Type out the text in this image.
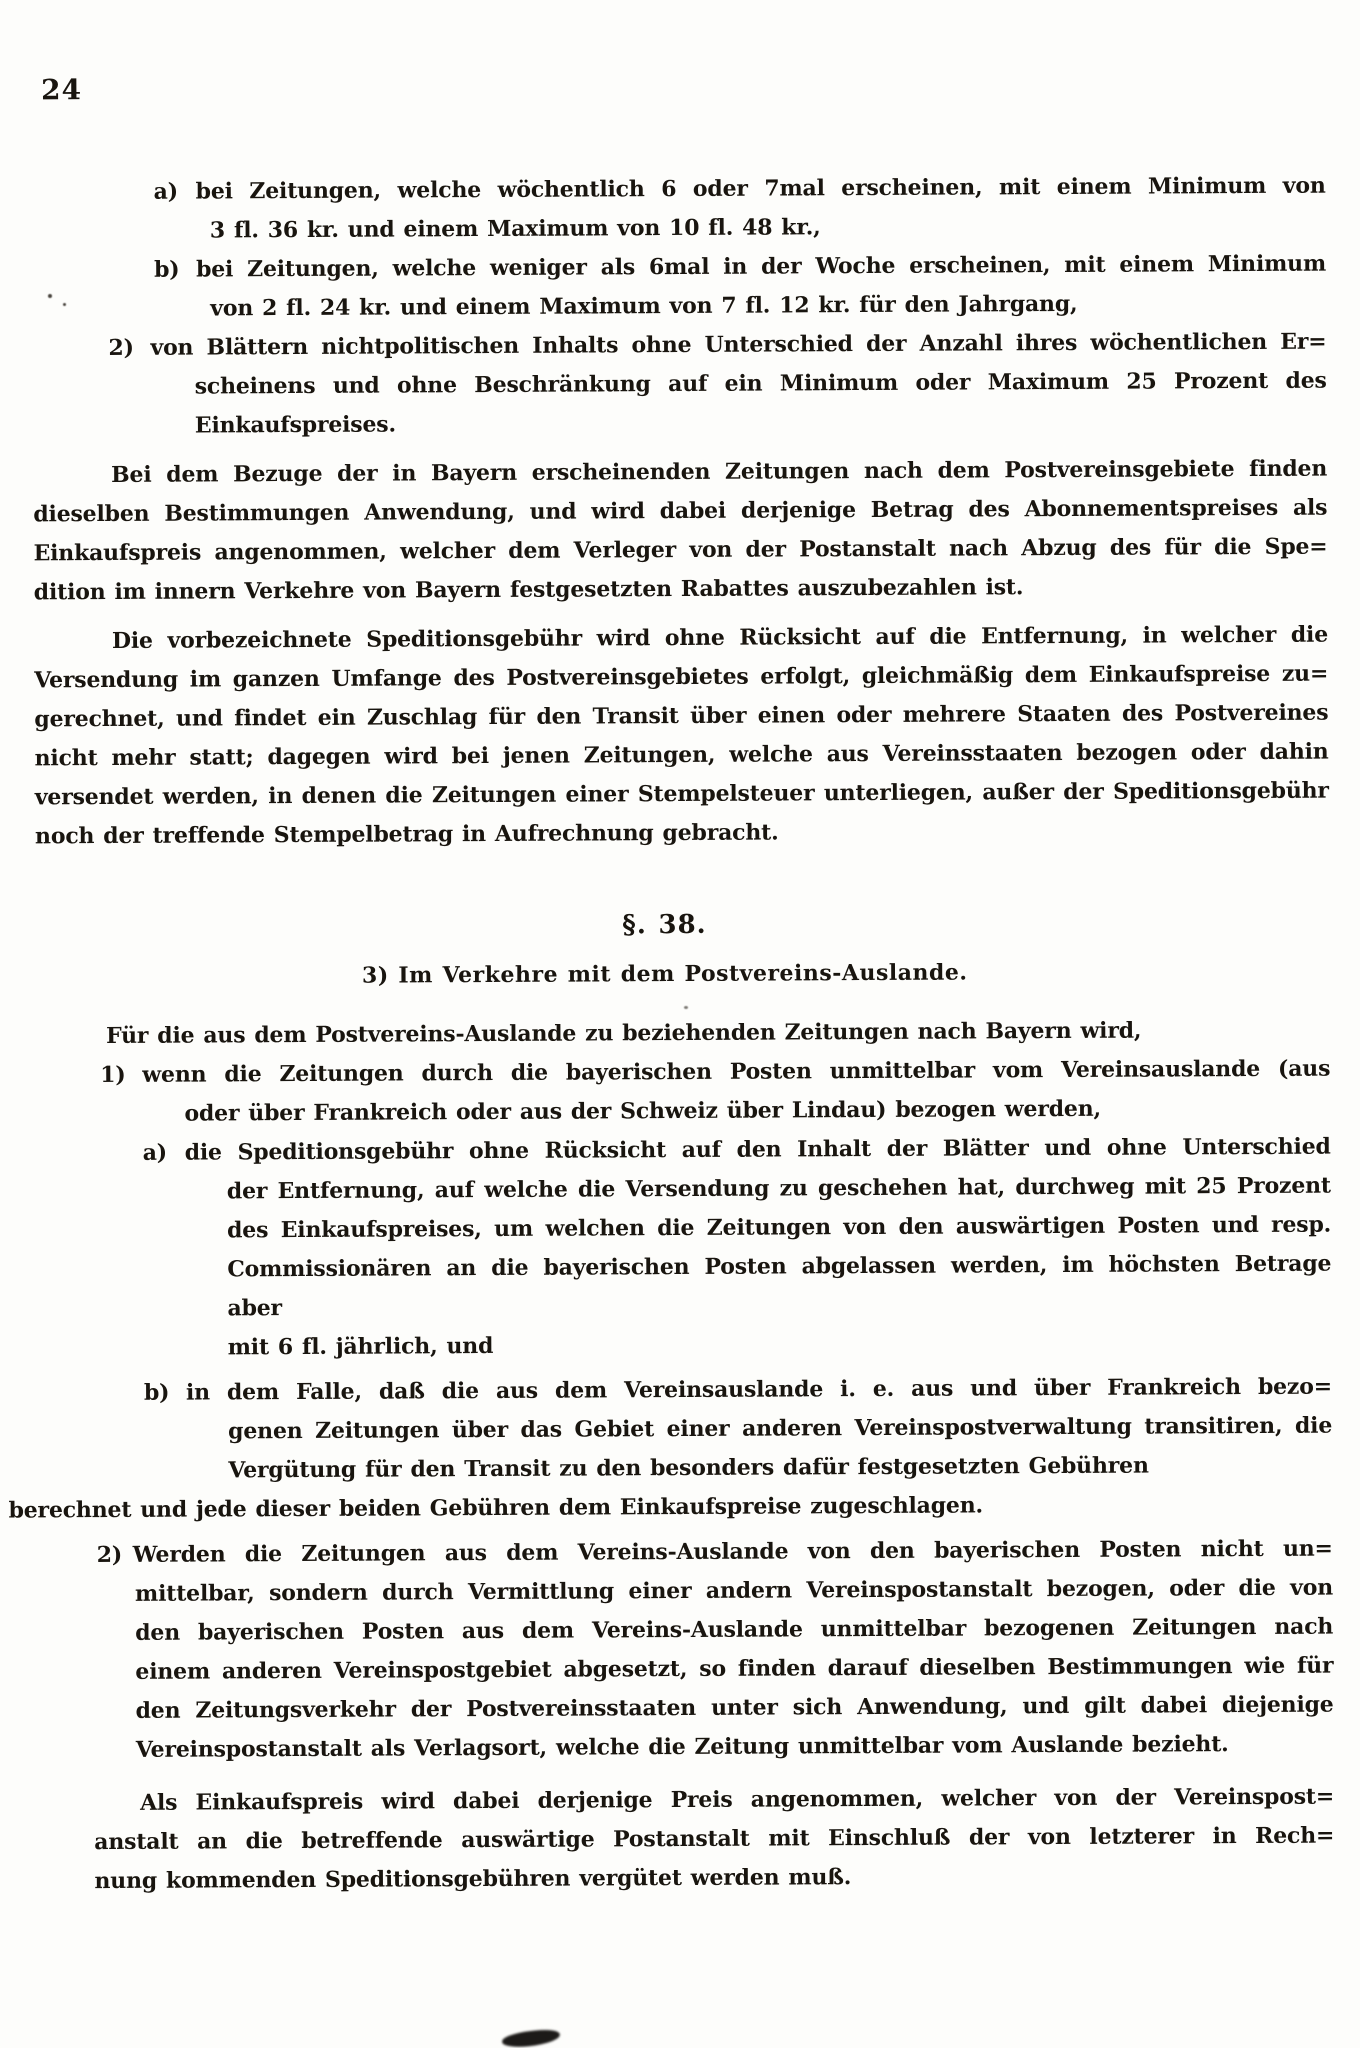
24
a) bei Zeitungen, welche wöchentlich 6 oder 7mal erscheinen, mit einem Minimum von
3 fl. 36 kr. und einem Maximum von 10 fl. 48 kr.,
b) bei Zeitungen, welche weniger als 6mal in der Woche erscheinen, mit einem Minimum
von 2 fl. 24 kr. und einem Maximum von 7 fl. 12 kr. für den Jahrgang,
2) von Blättern nichtpolitischen Inhalts ohne Unterschied der Anzahl ihres wöchentlichen Er=
scheinens und ohne Beschränkung auf ein Minimum oder Maximum 25 Prozent des
Einkaufspreises.
Bei dem Bezuge der in Bayern erscheinenden Zeitungen nach dem Postvereinsgebiete finden
dieselben Bestimmungen Anwendung, und wird dabei derjenige Betrag des Abonnementspreises als
Einkaufspreis angenommen, welcher dem Verleger von der Postanstalt nach Abzug des für die Spe=
dition im innern Verkehre von Bayern festgesetzten Rabattes auszubezahlen ist.
Die vorbezeichnete Speditionsgebühr wird ohne Rücksicht auf die Entfernung, in welcher die
Versendung im ganzen Umfange des Postvereinsgebietes erfolgt, gleichmäßig dem Einkaufspreise zu=
gerechnet, und findet ein Zuschlag für den Transit über einen oder mehrere Staaten des Postvereines
nicht mehr statt; dagegen wird bei jenen Zeitungen, welche aus Vereinsstaaten bezogen oder dahin
versendet werden, in denen die Zeitungen einer Stempelsteuer unterliegen, außer der Speditionsgebühr
noch der treffende Stempelbetrag in Aufrechnung gebracht.
§. 38.
3) Im Verkehre mit dem Postvereins-Auslande.
Für die aus dem Postvereins-Auslande zu beziehenden Zeitungen nach Bayern wird,
1) wenn die Zeitungen durch die bayerischen Posten unmittelbar vom Vereinsauslande (aus
oder über Frankreich oder aus der Schweiz über Lindau) bezogen werden,
a) die Speditionsgebühr ohne Rücksicht auf den Inhalt der Blätter und ohne Unterschied
der Entfernung, auf welche die Versendung zu geschehen hat, durchweg mit 25 Prozent
des Einkaufspreises, um welchen die Zeitungen von den auswärtigen Posten und resp.
Commissionären an die bayerischen Posten abgelassen werden, im höchsten Betrage aber
mit 6 fl. jährlich, und
b) in dem Falle, daß die aus dem Vereinsauslande i. e. aus und über Frankreich bezo=
genen Zeitungen über das Gebiet einer anderen Vereinspostverwaltung transitiren, die
Vergütung für den Transit zu den besonders dafür festgesetzten Gebühren
berechnet und jede dieser beiden Gebühren dem Einkaufspreise zugeschlagen.
2) Werden die Zeitungen aus dem Vereins-Auslande von den bayerischen Posten nicht un=
mittelbar, sondern durch Vermittlung einer andern Vereinspostanstalt bezogen, oder die von
den bayerischen Posten aus dem Vereins-Auslande unmittelbar bezogenen Zeitungen nach
einem anderen Vereinspostgebiet abgesetzt, so finden darauf dieselben Bestimmungen wie für
den Zeitungsverkehr der Postvereinsstaaten unter sich Anwendung, und gilt dabei diejenige
Vereinspostanstalt als Verlagsort, welche die Zeitung unmittelbar vom Auslande bezieht.
Als Einkaufspreis wird dabei derjenige Preis angenommen, welcher von der Vereinspost=
anstalt an die betreffende auswärtige Postanstalt mit Einschluß der von letzterer in Rech=
nung kommenden Speditionsgebühren vergütet werden muß.
